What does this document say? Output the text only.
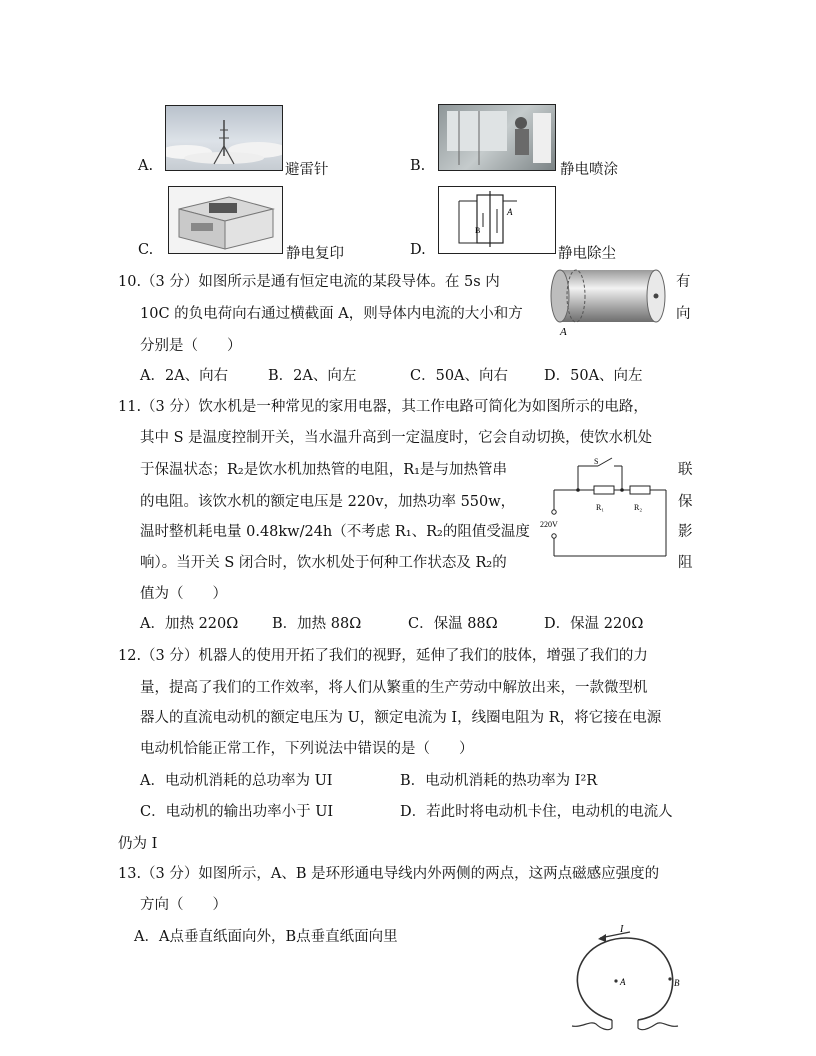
A.	避雷针	B.	静电喷涂
C.	静电复印	D.
A
B
静电除尘
10.（3 分）如图所示是通有恒定电流的某段导体。在 5s 内
10C 的负电荷向右通过横截面 A，则导体内电流的大小和方
分别是（　　）
有
向
A
A．2A、向右	B．2A、向左	C．50A、向右 D．50A、向左
11.（3 分）饮水机是一种常见的家用电器，其工作电路可简化为如图所示的电路，
其中 S 是温度控制开关，当水温升高到一定温度时，它会自动切换，使饮水机处
于保温状态；R₂是饮水机加热管的电阻，R₁是与加热管串
的电阻。该饮水机的额定电压是 220v，加热功率 550w，
温时整机耗电量 0.48kw/24h（不考虑 R₁、R₂的阻值受温度
响）。当开关 S 闭合时，饮水机处于何种工作状态及 R₂的
值为（　　）
联
保
影
阻
S
R₁	R₂
220V
A．加热 220Ω B．加热 88Ω	C．保温 88Ω	D．保温 220Ω
12.（3 分）机器人的使用开拓了我们的视野，延伸了我们的肢体，增强了我们的力
量，提高了我们的工作效率，将人们从繁重的生产劳动中解放出来，一款微型机
器人的直流电动机的额定电压为 U，额定电流为 I，线圈电阻为 R，将它接在电源
电动机恰能正常工作，下列说法中错误的是（　　）
A．电动机消耗的总功率为 UI	B．电动机消耗的热功率为 I²R
C．电动机的输出功率小于 UI	D．若此时将电动机卡住，电动机的电流人
仍为 I
13.（3 分）如图所示，A、B 是环形通电导线内外两侧的两点，这两点磁感应强度的
方向（　　）
A．A点垂直纸面向外，B点垂直纸面向里	I
A	B
